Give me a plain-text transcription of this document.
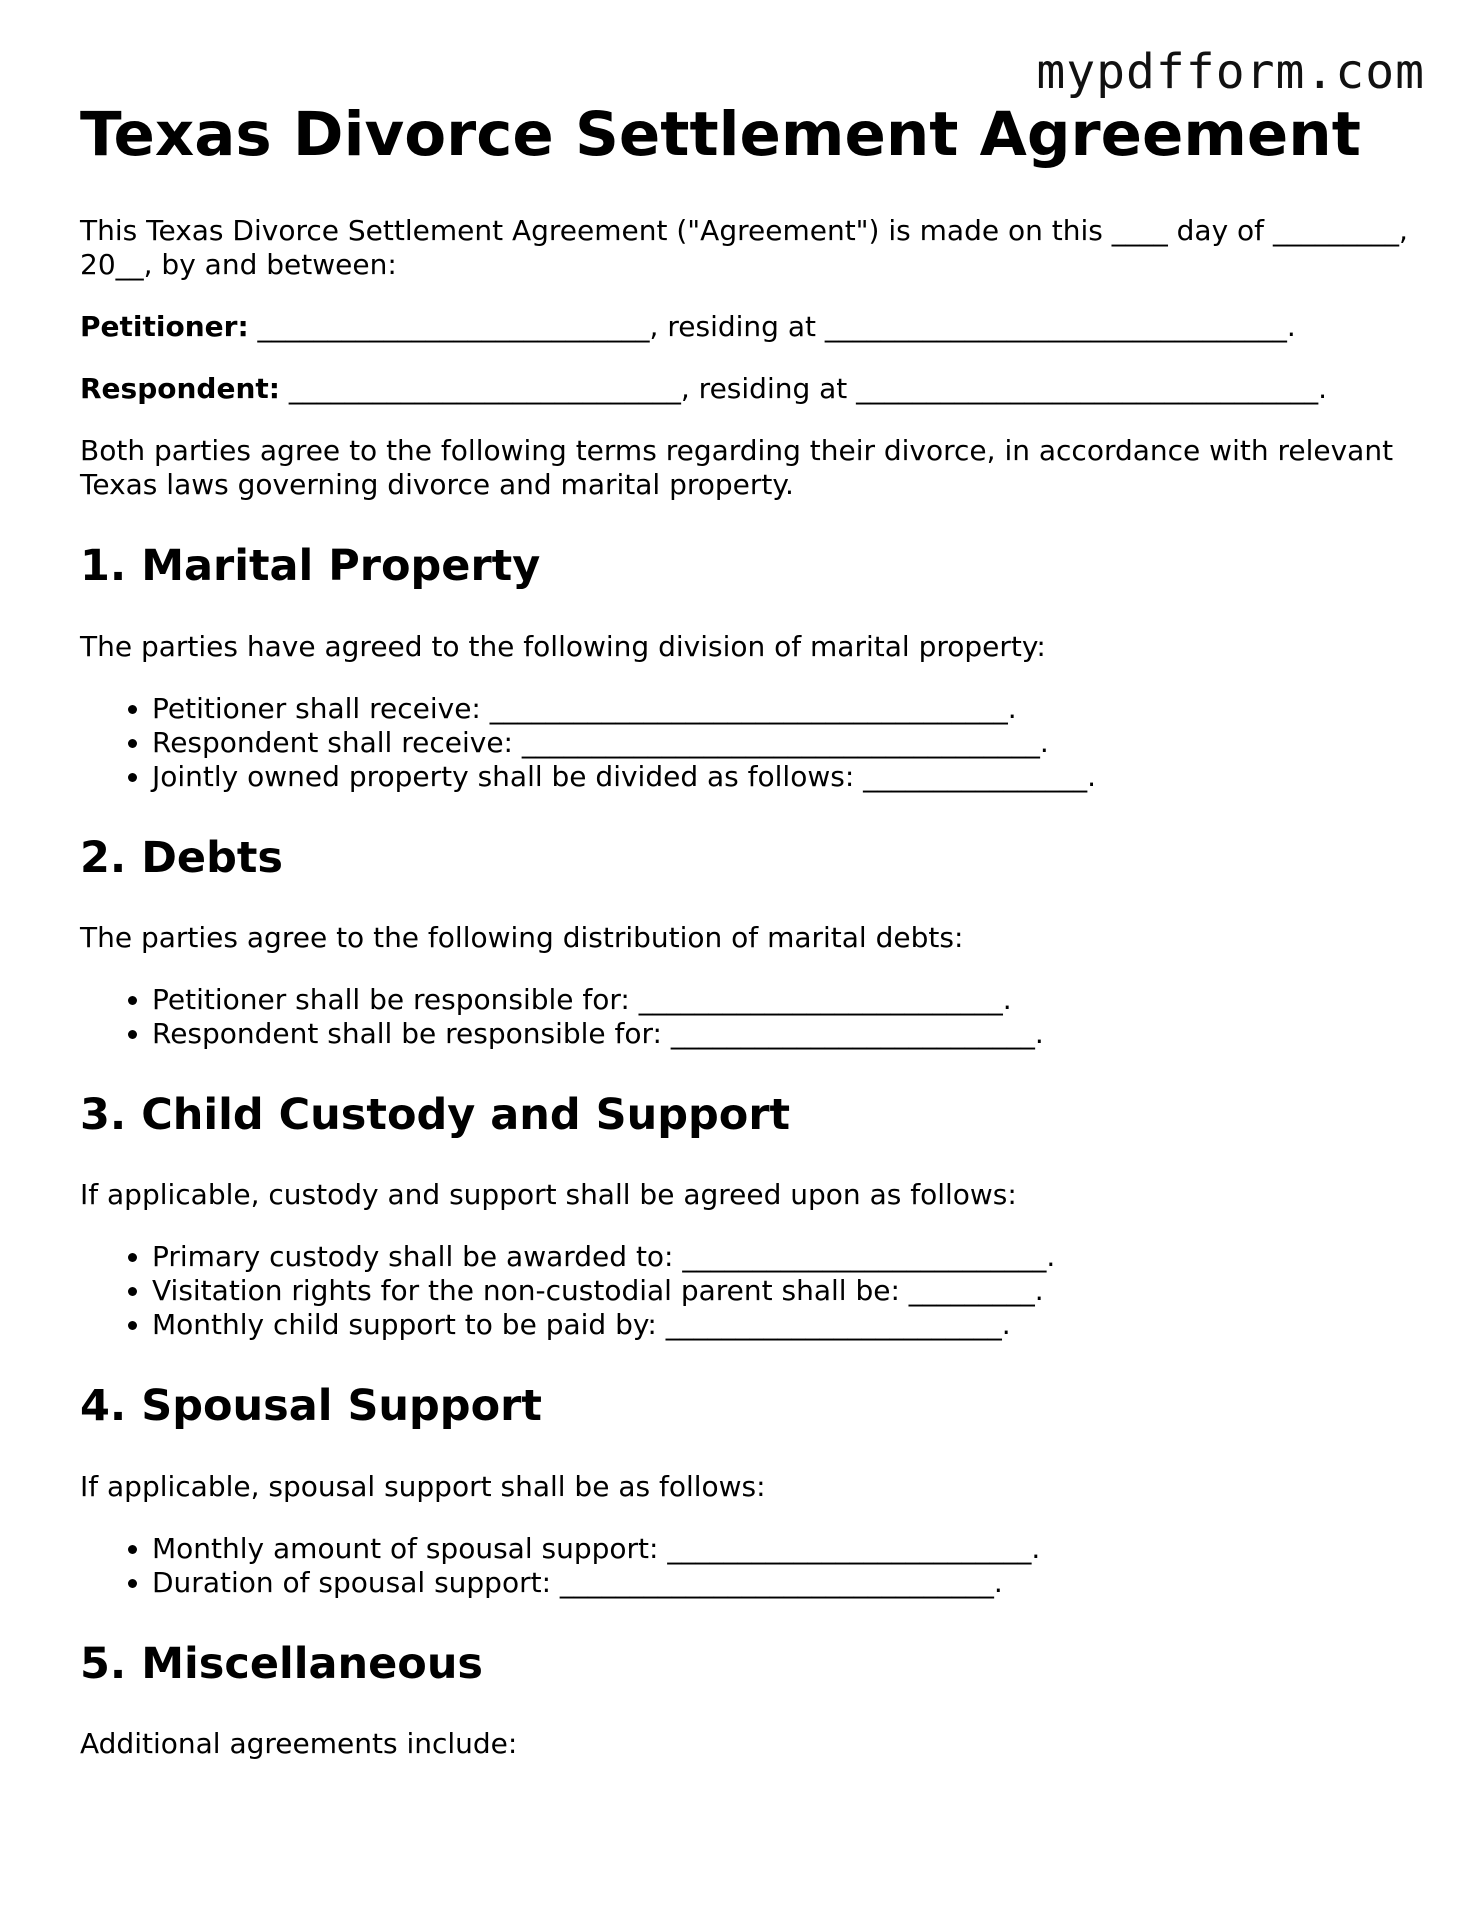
mypdfform.com
Texas Divorce Settlement Agreement

This Texas Divorce Settlement Agreement ("Agreement") is made on this ____ day of _________, 20__, by and between:

Petitioner: ____________________________, residing at _________________________________.

Respondent: ____________________________, residing at _________________________________.

Both parties agree to the following terms regarding their divorce, in accordance with relevant Texas laws governing divorce and marital property.

1. Marital Property

The parties have agreed to the following division of marital property:

• Petitioner shall receive: _____________________________________.
• Respondent shall receive: _____________________________________.
• Jointly owned property shall be divided as follows: ________________.
2. Debts

The parties agree to the following distribution of marital debts:

• Petitioner shall be responsible for: __________________________.
• Respondent shall be responsible for: __________________________.
3. Child Custody and Support

If applicable, custody and support shall be agreed upon as follows:

• Primary custody shall be awarded to: __________________________.
• Visitation rights for the non-custodial parent shall be: _________.
• Monthly child support to be paid by: ________________________.
4. Spousal Support

If applicable, spousal support shall be as follows:

• Monthly amount of spousal support: __________________________.
• Duration of spousal support: _______________________________.
5. Miscellaneous

Additional agreements include:
